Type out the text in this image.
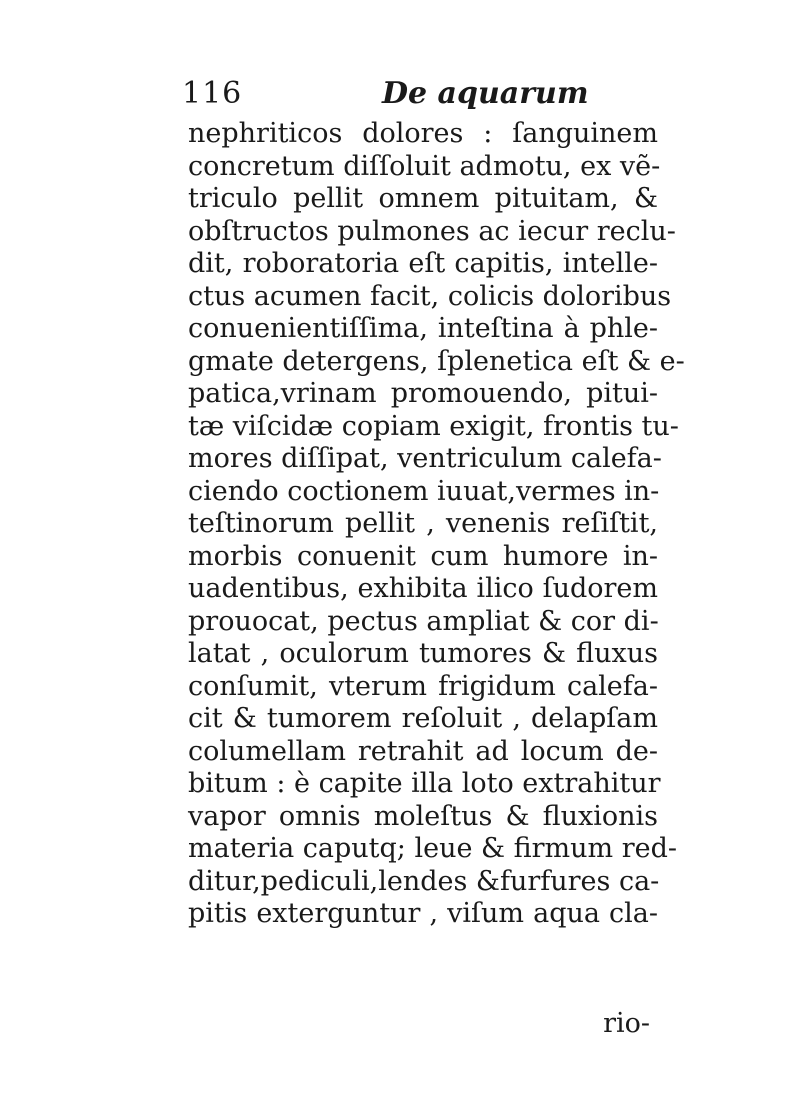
116	De aquarum
nephriticos dolores : ſanguinem
concretum diſſoluit admotu, ex vẽ-
triculo pellit omnem pituitam, &
obſtructos pulmones ac iecur reclu-
dit, roboratoria eſt capitis, intelle-
ctus acumen facit, colicis doloribus
conuenientiſſima, inteſtina à phle-
gmate detergens, ſplenetica eſt & e-
patica,vrinam promouendo, pitui-
tæ viſcidæ copiam exigit, frontis tu-
mores diſſipat, ventriculum calefa-
ciendo coctionem iuuat,vermes in-
teſtinorum pellit , venenis reſiſtit,
morbis conuenit cum humore in-
uadentibus, exhibita ilico ſudorem
prouocat, pectus ampliat & cor di-
latat , oculorum tumores & fluxus
conſumit, vterum frigidum calefa-
cit & tumorem reſoluit , delapſam
columellam retrahit ad locum de-
bitum : è capite illa loto extrahitur
vapor omnis moleſtus & fluxionis
materia caputq; leue & firmum red-
ditur,pediculi,lendes &furfures ca-
pitis exterguntur , viſum aqua cla-
rio-
